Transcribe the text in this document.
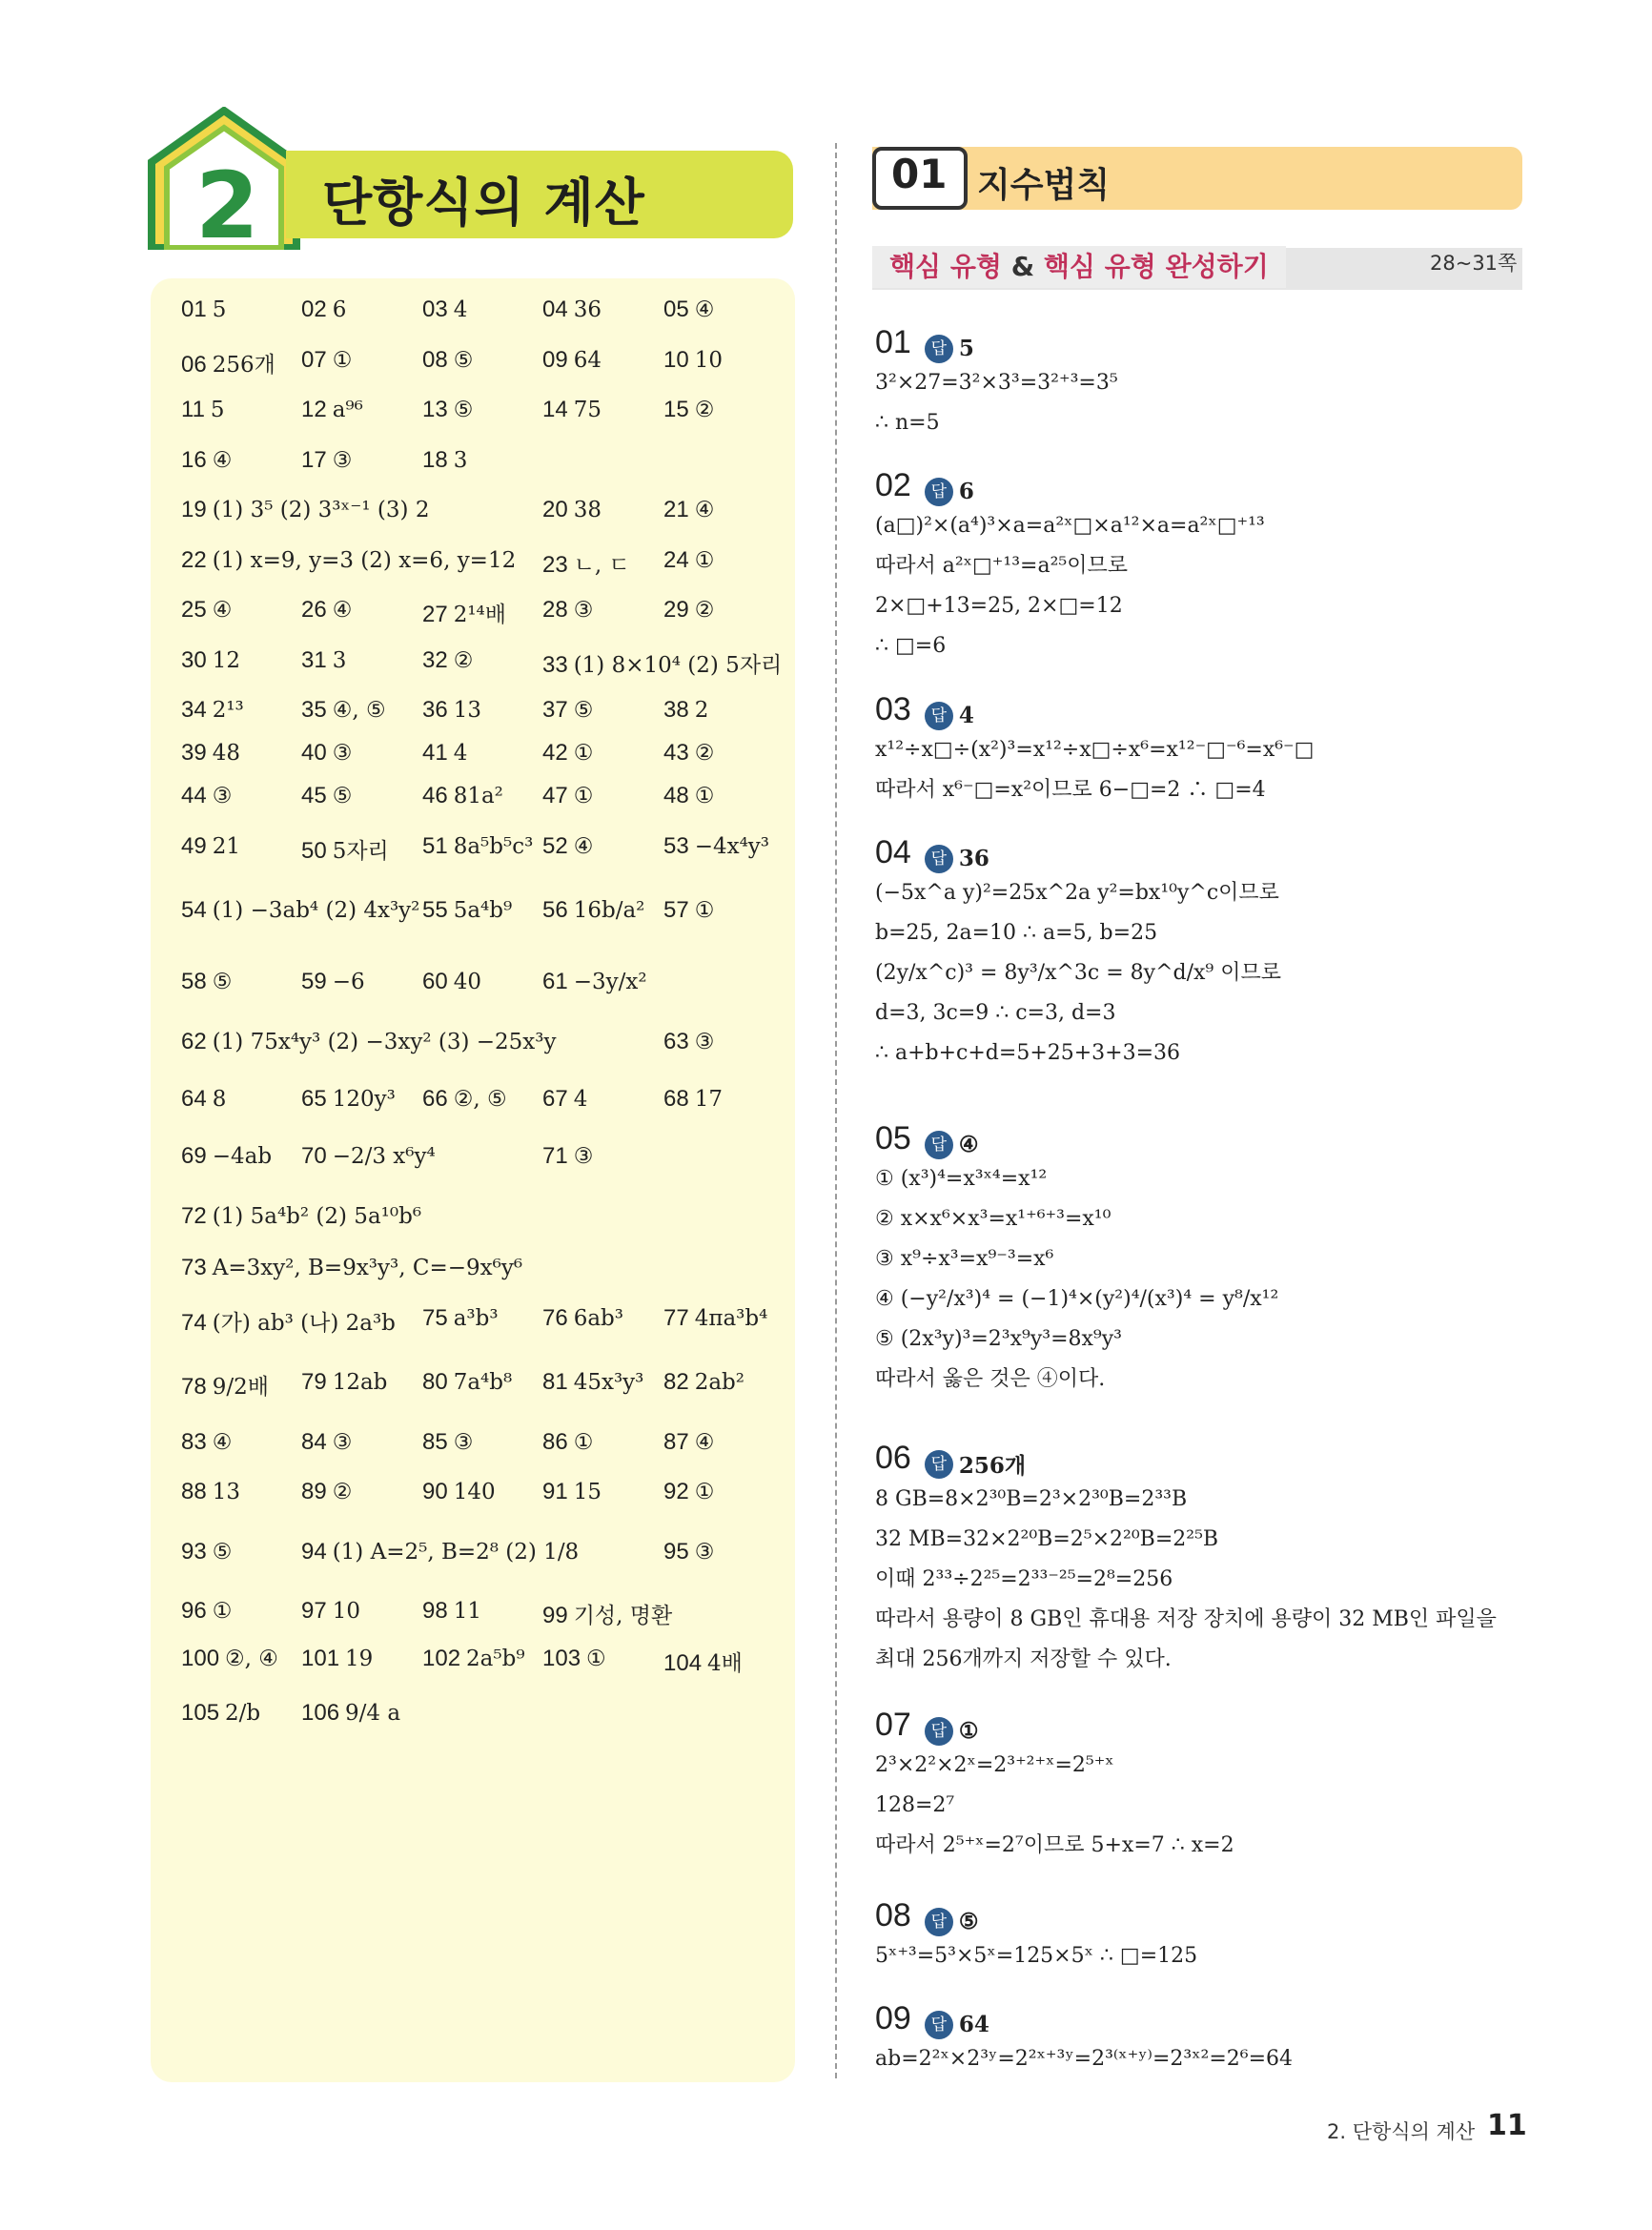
2 단항식의 계산
01 5	02 6	03 4	04 36	05 ④
06 256개 07 ①	08 ⑤	09 64	10 10
11 5	12 a⁹⁶	13 ⑤	14 75	15 ②
16 ④	17 ③	18 3
19 (1) 3⁵ (2) 3³ˣ⁻¹ (3) 2	20 38	21 ④
22 (1) x=9, y=3 (2) x=6, y=12 23 ㄴ, ㄷ 24 ①
25 ④	26 ④	27 2¹⁴배 28 ③	29 ②
30 12	31 3	32 ②	33 (1) 8×10⁴ (2) 5자리
34 2¹³	35 ④, ⑤ 36 13	37 ⑤	38 2
39 48	40 ③	41 4	42 ①	43 ②
44 ③	45 ⑤	46 81a² 47 ①	48 ①
49 21	50 5자리 51 8a⁵b⁵c³ 52 ④	53 −4x⁴y³
54 (1) −3ab⁴ (2) 4x³y² 55 5a⁴b⁹ 56 16b/a² 57 ①
58 ⑤	59 −6	60 40	61 −3y/x²
62 (1) 75x⁴y³ (2) −3xy² (3) −25x³y	63 ③
64 8	65 120y³ 66 ②, ⑤ 67 4	68 17
69 −4ab 70 −2/3 x⁶y⁴	71 ③
72 (1) 5a⁴b² (2) 5a¹⁰b⁶
73 A=3xy², B=9x³y³, C=−9x⁶y⁶
74 (가) ab³ (나) 2a³b 75 a³b³ 76 6ab³ 77 4πa³b⁴
78 9/2배 79 12ab 80 7a⁴b⁸ 81 45x³y³ 82 2ab²
83 ④	84 ③	85 ③	86 ①	87 ④
88 13	89 ②	90 140 91 15	92 ①
93 ⑤	94 (1) A=2⁵, B=2⁸ (2) 1/8	95 ③
96 ①	97 10	98 11	99 기성, 명환
100 ②, ④ 101 19 102 2a⁵b⁹ 103 ①	104 4배
105 2/b 106 9/4 a
01 지수법칙
핵심 유형 & 핵심 유형 완성하기	28~31쪽
01 답 5
3²×27=3²×3³=3²⁺³=3⁵
∴ n=5
02 답 6
(a□)²×(a⁴)³×a=a²ˣ□×a¹²×a=a²ˣ□⁺¹³
따라서 a²ˣ□⁺¹³=a²⁵이므로
2×□+13=25, 2×□=12
∴ □=6
03 답 4
x¹²÷x□÷(x²)³=x¹²÷x□÷x⁶=x¹²⁻□⁻⁶=x⁶⁻□
따라서 x⁶⁻□=x²이므로 6−□=2 ∴ □=4
04 답 36
(−5x^a y)²=25x^2a y²=bx¹⁰y^c이므로
b=25, 2a=10 ∴ a=5, b=25
(2y/x^c)³ = 8y³/x^3c = 8y^d/x⁹ 이므로
d=3, 3c=9 ∴ c=3, d=3
∴ a+b+c+d=5+25+3+3=36
05 답 ④
① (x³)⁴=x³ˣ⁴=x¹²
② x×x⁶×x³=x¹⁺⁶⁺³=x¹⁰
③ x⁹÷x³=x⁹⁻³=x⁶
④ (−y²/x³)⁴ = (−1)⁴×(y²)⁴/(x³)⁴ = y⁸/x¹²
⑤ (2x³y)³=2³x⁹y³=8x⁹y³
따라서 옳은 것은 ④이다.
06 답 256개
8 GB=8×2³⁰B=2³×2³⁰B=2³³B
32 MB=32×2²⁰B=2⁵×2²⁰B=2²⁵B
이때 2³³÷2²⁵=2³³⁻²⁵=2⁸=256
따라서 용량이 8 GB인 휴대용 저장 장치에 용량이 32 MB인 파일을
최대 256개까지 저장할 수 있다.
07 답 ①
2³×2²×2ˣ=2³⁺²⁺ˣ=2⁵⁺ˣ
128=2⁷
따라서 2⁵⁺ˣ=2⁷이므로 5+x=7 ∴ x=2
08 답 ⑤
5ˣ⁺³=5³×5ˣ=125×5ˣ ∴ □=125
09 답 64
ab=2²ˣ×2³ʸ=2²ˣ⁺³ʸ=2³⁽ˣ⁺ʸ⁾=2³ˣ²=2⁶=64
2. 단항식의 계산 11
